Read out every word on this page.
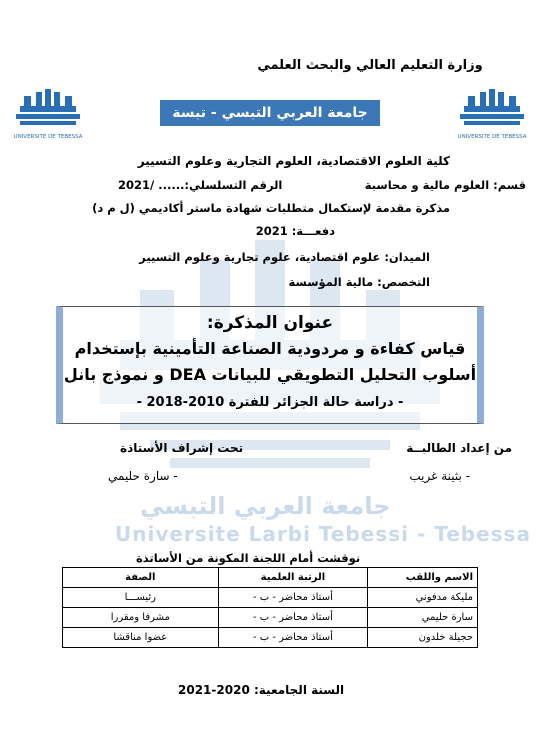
جامعة العربي التبسي
Universite Larbi Tebessi - Tebessa
وزارة التعليم العالي والبحث العلمي
UNIVERSITE DE TEBESSA
UNIVERSITE DE TEBESSA
جامعة العربي التبسي - تبسة
كلية العلوم الاقتصادية، العلوم التجارية وعلوم التسيير
قسم: العلوم مالية و محاسبة
الرقم التسلسلي:...... /2021
مذكرة مقدمة لإستكمال متطلبات شهادة ماستر أكاديمي (ل م د)
دفعـــة: 2021
الميدان: علوم اقتصادية، علوم تجارية وعلوم التسيير
التخصص: مالية المؤسسة
عنوان المذكرة:
قياس كفاءة و مردودية الصناعة التأمينية بإستخدام
أسلوب التحليل التطويقي للبيانات DEA و نموذج بانل
- دراسة حالة الجزائر للفترة 2010-2018 -
من إعداد الطالبــة
تحت إشراف الأستاذة
- بثينة غريب
- سارة حليمي
نوقشت أمام اللجنة المكونة من الأساتذة
الاسم واللقب	الرتبة العلمية	الصفة
مليكة مدفوني	أستاذ محاضر - ب -	رئيســـا
سارة حليمي	أستاذ محاضر - ب -	مشرفا ومقررا
حجيلة خلدون	أستاذ محاضر - ب -	عضوا مناقشا
السنة الجامعية: 2020-2021
